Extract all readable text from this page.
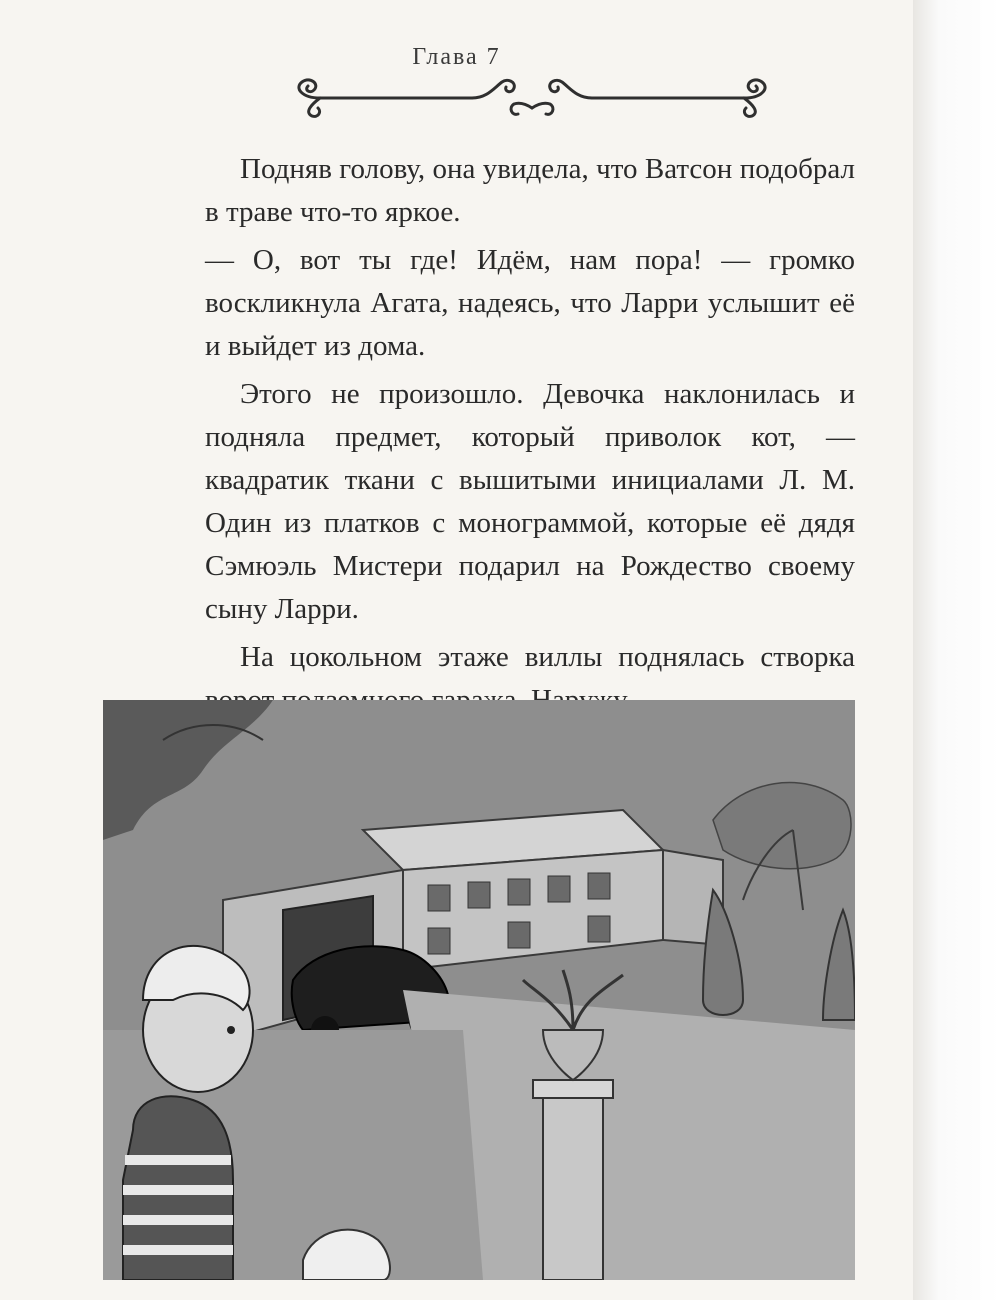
Глава 7

Подняв голову, она увидела, что Ватсон подобрал в траве что-то яркое.

— О, вот ты где! Идём, нам пора! — громко воскликнула Агата, надеясь, что Ларри услышит её и выйдет из дома.

Этого не произошло. Девочка наклонилась и подняла предмет, который приволок кот, — квадратик ткани с вышитыми инициалами Л. М. Один из платков с монограммой, которые её дядя Сэмюэль Мистери подарил на Рождество своему сыну Ларри.

На цокольном этаже виллы поднялась створка
